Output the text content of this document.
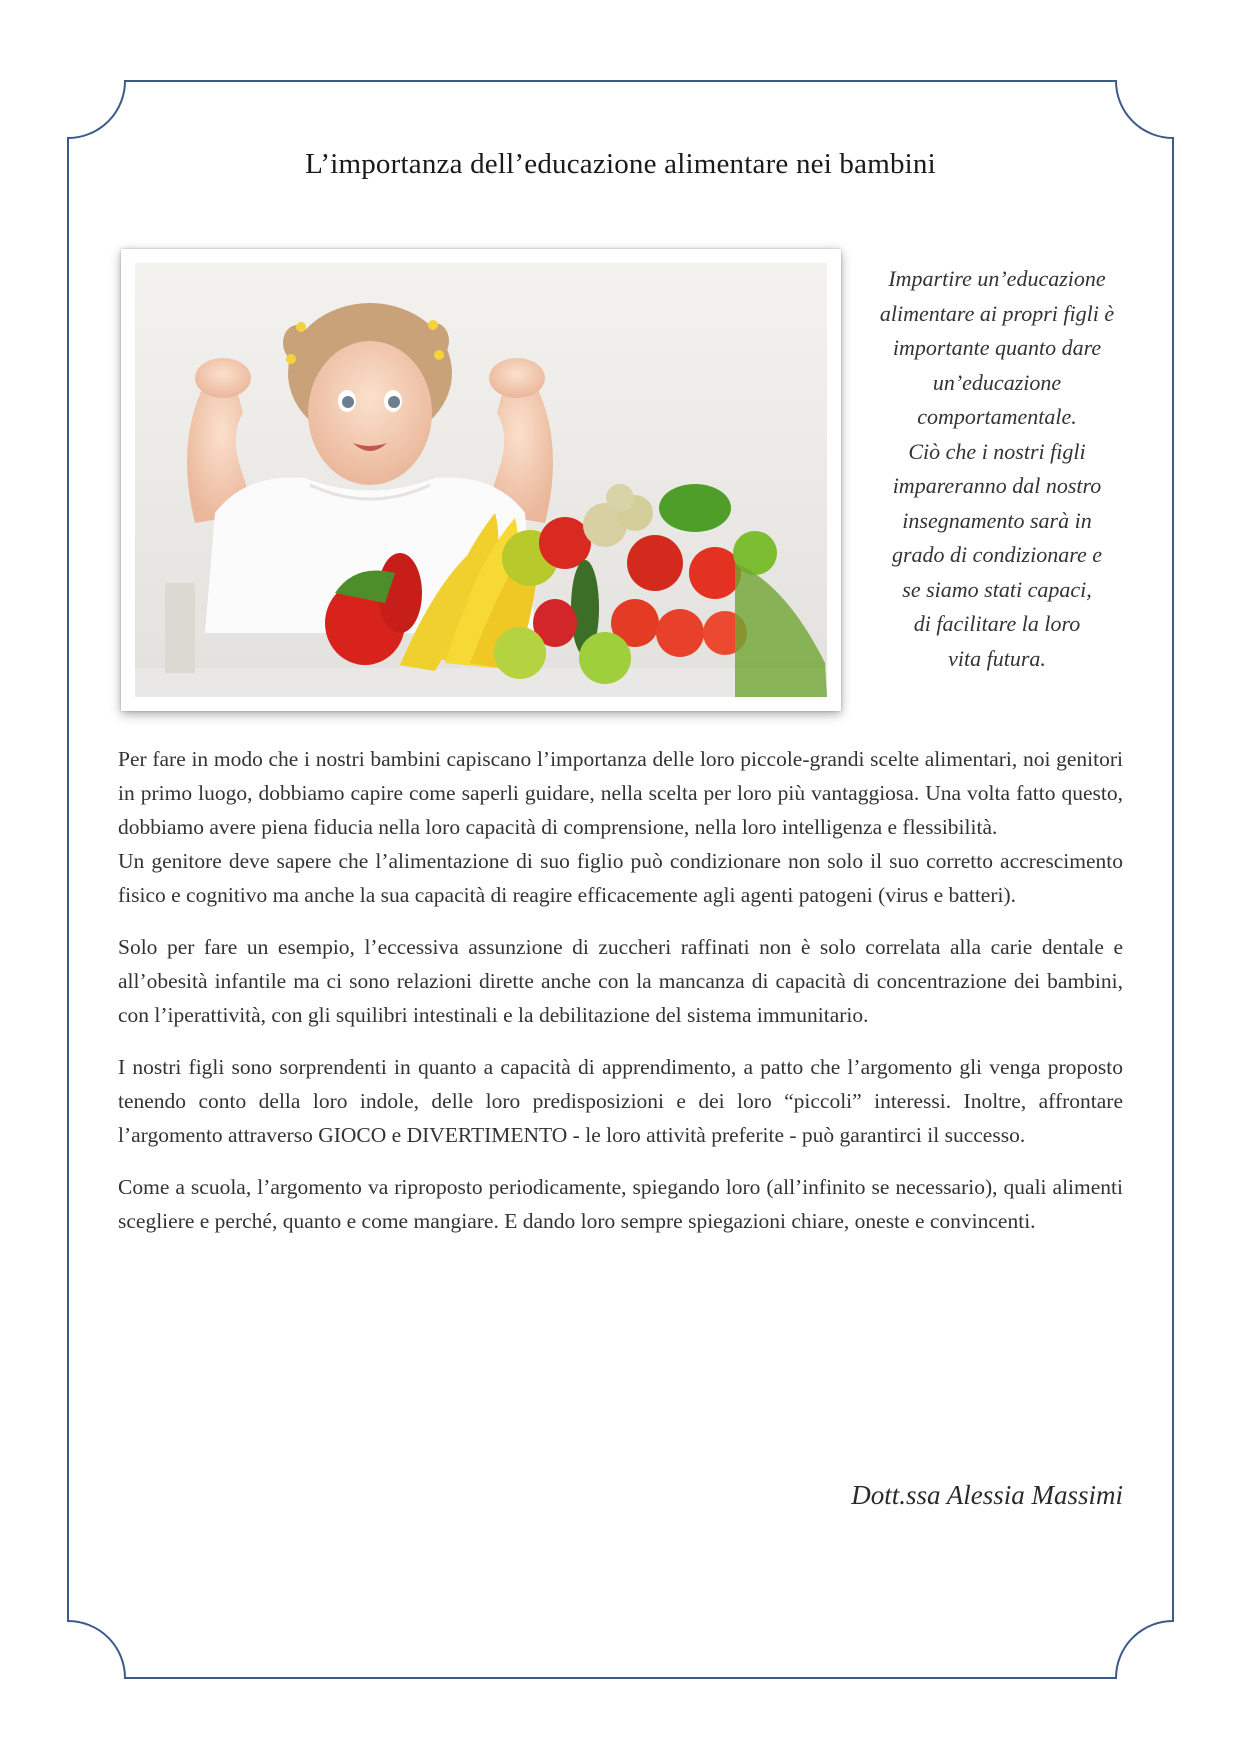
L’importanza dell’educazione alimentare nei bambini

Impartire un’educazione

alimentare ai propri figli è

importante quanto dare

un’educazione

comportamentale.

Ciò che i nostri figli

impareranno dal nostro

insegnamento sarà in

grado di condizionare e

se siamo stati capaci,

di facilitare la loro

vita futura.

Per fare in modo che i nostri bambini capiscano l’importanza delle loro piccole-grandi scelte alimentari, noi genitori in primo luogo, dobbiamo capire come saperli guidare, nella scelta per loro più vantaggiosa. Una volta fatto questo, dobbiamo avere piena fiducia nella loro capacità di comprensione, nella loro intelligenza e flessibilità.

Un genitore deve sapere che l’alimentazione di suo figlio può condizionare non solo il suo corretto accrescimento fisico e cognitivo ma anche la sua capacità di reagire efficacemente agli agenti patogeni (virus e batteri).

Solo per fare un esempio, l’eccessiva assunzione di zuccheri raffinati non è solo correlata alla carie dentale e all’obesità infantile ma ci sono relazioni dirette anche con la mancanza di capacità di concentrazione dei bambini, con l’iperattività, con gli squilibri intestinali e la debilitazione del sistema immunitario.

I nostri figli sono sorprendenti in quanto a capacità di apprendimento, a patto che l’argomento gli venga proposto tenendo conto della loro indole, delle loro predisposizioni e dei loro “piccoli” interessi. Inoltre, affrontare l’argomento attraverso GIOCO e DIVERTIMENTO - le loro attività preferite - può garantirci il successo.

Come a scuola, l’argomento va riproposto periodicamente, spiegando loro (all’infinito se necessario), quali alimenti scegliere e perché, quanto e come mangiare. E dando loro sempre spiegazioni chiare, oneste e convincenti.

Dott.ssa Alessia Massimi
